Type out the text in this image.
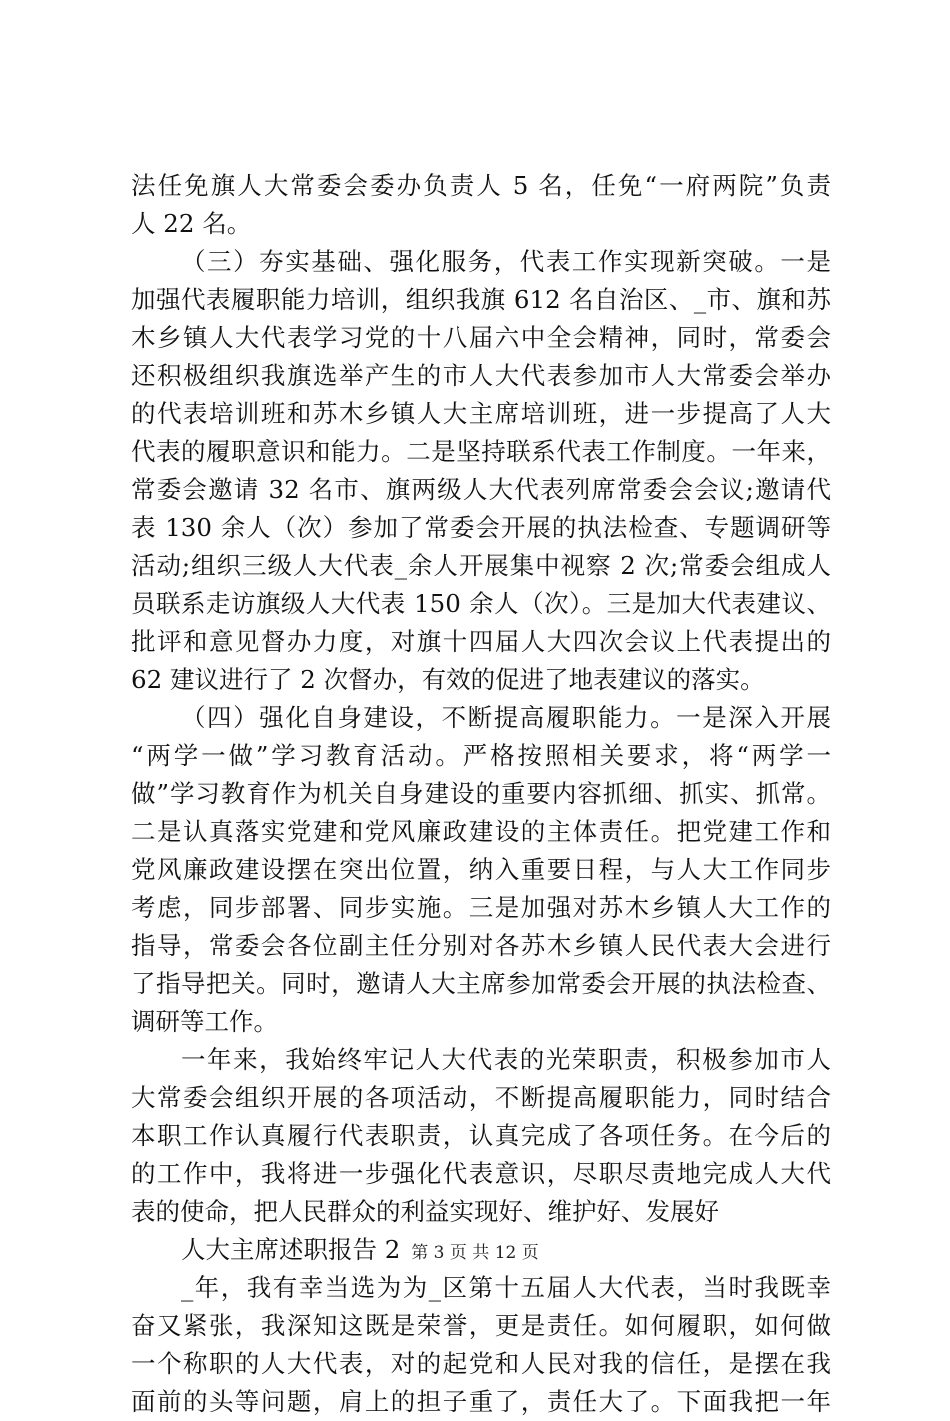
法任免旗人大常委会委办负责人 5 名，任免“一府两院”负责
人 22 名。
（三）夯实基础、强化服务，代表工作实现新突破。一是
加强代表履职能力培训，组织我旗 612 名自治区、_市、旗和苏
木乡镇人大代表学习党的十八届六中全会精神，同时，常委会
还积极组织我旗选举产生的市人大代表参加市人大常委会举办
的代表培训班和苏木乡镇人大主席培训班，进一步提高了人大
代表的履职意识和能力。二是坚持联系代表工作制度。一年来，
常委会邀请 32 名市、旗两级人大代表列席常委会会议;邀请代
表 130 余人（次）参加了常委会开展的执法检查、专题调研等
活动;组织三级人大代表_余人开展集中视察 2 次;常委会组成人
员联系走访旗级人大代表 150 余人（次）。三是加大代表建议、
批评和意见督办力度，对旗十四届人大四次会议上代表提出的
62 建议进行了 2 次督办，有效的促进了地表建议的落实。
（四）强化自身建设，不断提高履职能力。一是深入开展
“两学一做”学习教育活动。严格按照相关要求，将“两学一
做”学习教育作为机关自身建设的重要内容抓细、抓实、抓常。
二是认真落实党建和党风廉政建设的主体责任。把党建工作和
党风廉政建设摆在突出位置，纳入重要日程，与人大工作同步
考虑，同步部署、同步实施。三是加强对苏木乡镇人大工作的
指导，常委会各位副主任分别对各苏木乡镇人民代表大会进行
了指导把关。同时，邀请人大主席参加常委会开展的执法检查、
调研等工作。
一年来，我始终牢记人大代表的光荣职责，积极参加市人
大常委会组织开展的各项活动，不断提高履职能力，同时结合
本职工作认真履行代表职责，认真完成了各项任务。在今后的
的工作中，我将进一步强化代表意识，尽职尽责地完成人大代
表的使命，把人民群众的利益实现好、维护好、发展好
人大主席述职报告 2
_年，我有幸当选为为_区第十五届人大代表，当时我既幸
奋又紧张，我深知这既是荣誉，更是责任。如何履职，如何做
一个称职的人大代表，对的起党和人民对我的信任，是摆在我
面前的头等问题，肩上的担子重了，责任大了。下面我把一年
第 3 页 共 12 页
